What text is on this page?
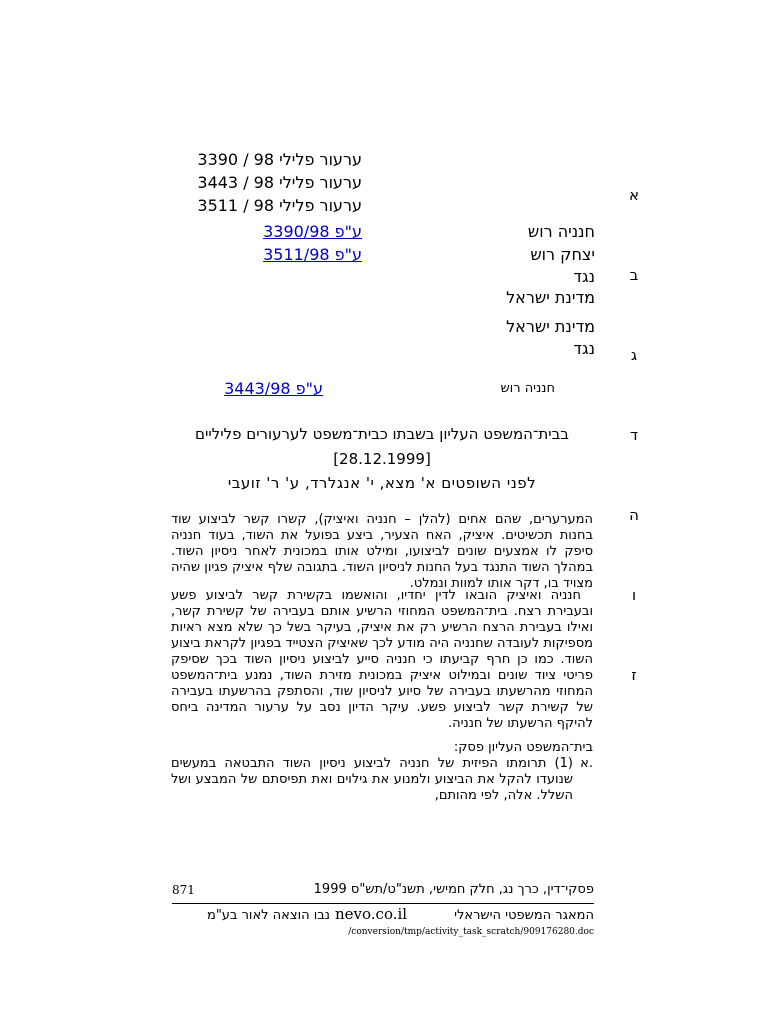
ערעור פלילי 98 / 3390
ערעור פלילי 98 / 3443
ערעור פלילי 98 / 3511
א
ב
ג
ד
ה
ו
ז
חנניה רוש
יצחק רוש
ע"פ 3390/98
ע"פ 3511/98
נגד
מדינת ישראל
מדינת ישראל
נגד
חנניה רוש
ע"פ 3443/98
בבית־המשפט העליון בשבתו כבית־משפט לערעורים פליליים
[28.12.1999]
לפני השופטים א' מצא, י' אנגלרד, ע' ר' זועבי
המערערים, שהם אחים (להלן – חנניה ואיציק), קשרו קשר לביצוע שוד בחנות תכשיטים. איציק, האח הצעיר, ביצע בפועל את השוד, בעוד חנניה סיפק לו אמצעים שונים לביצועו, ומילט אותו במכונית לאחר ניסיון השוד. במהלך השוד התנגד בעל החנות לניסיון השוד. בתגובה שלף איציק פגיון שהיה מצויד בו, דקר אותו למוות ונמלט.
חנניה ואיציק הובאו לדין יחדיו, והואשמו בקשירת קשר לביצוע פשע ובעבירת רצח. בית־המשפט המחוזי הרשיע אותם בעבירה של קשירת קשר, ואילו בעבירת הרצח הרשיע רק את איציק, בעיקר בשל כך שלא מצא ראיות מספיקות לעובדה שחנניה היה מודע לכך שאיציק הצטייד בפגיון לקראת ביצוע השוד. כמו כן חרף קביעתו כי חנניה סייע לביצוע ניסיון השוד בכך שסיפק פריטי ציוד שונים ובמילוט איציק במכונית מזירת השוד, נמנע בית־המשפט המחוזי מהרשעתו בעבירה של סיוע לניסיון שוד, והסתפק בהרשעתו בעבירה של קשירת קשר לביצוע פשע. עיקר הדיון נסב על ערעור המדינה ביחס להיקף הרשעתו של חנניה.
בית־המשפט העליון פסק:
א.
(1) תרומתו הפיזית של חנניה לביצוע ניסיון השוד התבטאה במעשים שנועדו להקל את הביצוע ולמנוע את גילוים ואת תפיסתם של המבצע ושל השלל. אלה, לפי מהותם,
פסקי־דין, כרך נג, חלק חמישי, תשנ"ט/תש"ס 1999
871
המאגר המשפטי הישראלי
nevo.co.il
נבו הוצאה לאור בע"מ
/conversion/tmp/activity_task_scratch/909176280.doc
